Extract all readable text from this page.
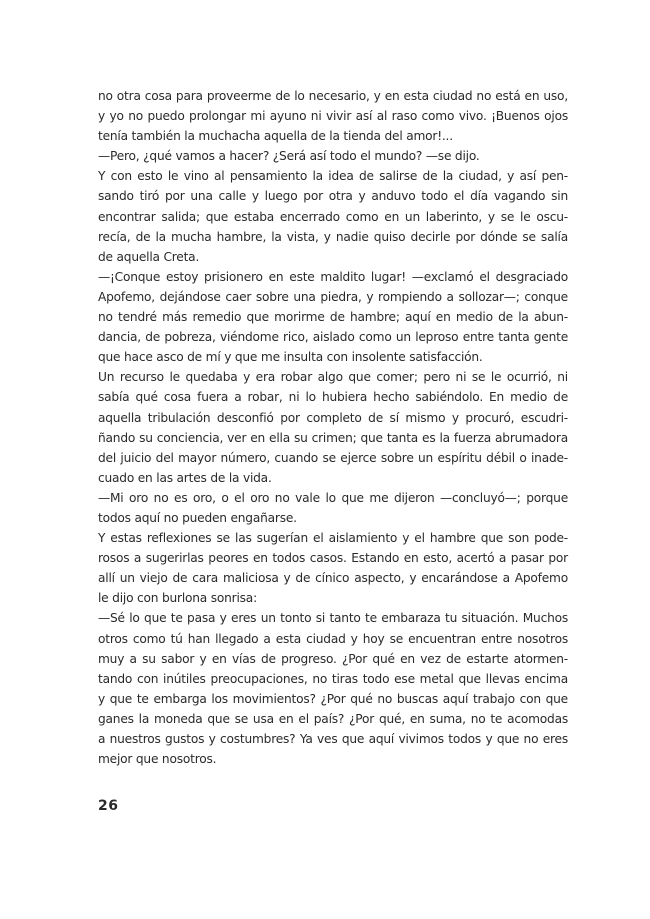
no otra cosa para proveerme de lo necesario, y en esta ciudad no está en uso,
y yo no puedo prolongar mi ayuno ni vivir así al raso como vivo. ¡Buenos ojos
tenía también la muchacha aquella de la tienda del amor!...
—Pero, ¿qué vamos a hacer? ¿Será así todo el mundo? —se dijo.
Y con esto le vino al pensamiento la idea de salirse de la ciudad, y así pen-
sando tiró por una calle y luego por otra y anduvo todo el día vagando sin
encontrar salida; que estaba encerrado como en un laberinto, y se le oscu-
recía, de la mucha hambre, la vista, y nadie quiso decirle por dónde se salía
de aquella Creta.
—¡Conque estoy prisionero en este maldito lugar! —exclamó el desgraciado
Apofemo, dejándose caer sobre una piedra, y rompiendo a sollozar—; conque
no tendré más remedio que morirme de hambre; aquí en medio de la abun-
dancia, de pobreza, viéndome rico, aislado como un leproso entre tanta gente
que hace asco de mí y que me insulta con insolente satisfacción.
Un recurso le quedaba y era robar algo que comer; pero ni se le ocurrió, ni
sabía qué cosa fuera a robar, ni lo hubiera hecho sabiéndolo. En medio de
aquella tribulación desconfió por completo de sí mismo y procuró, escudri-
ñando su conciencia, ver en ella su crimen; que tanta es la fuerza abrumadora
del juicio del mayor número, cuando se ejerce sobre un espíritu débil o inade-
cuado en las artes de la vida.
—Mi oro no es oro, o el oro no vale lo que me dijeron —concluyó—; porque
todos aquí no pueden engañarse.
Y estas reflexiones se las sugerían el aislamiento y el hambre que son pode-
rosos a sugerirlas peores en todos casos. Estando en esto, acertó a pasar por
allí un viejo de cara maliciosa y de cínico aspecto, y encarándose a Apofemo
le dijo con burlona sonrisa:
—Sé lo que te pasa y eres un tonto si tanto te embaraza tu situación. Muchos
otros como tú han llegado a esta ciudad y hoy se encuentran entre nosotros
muy a su sabor y en vías de progreso. ¿Por qué en vez de estarte atormen-
tando con inútiles preocupaciones, no tiras todo ese metal que llevas encima
y que te embarga los movimientos? ¿Por qué no buscas aquí trabajo con que
ganes la moneda que se usa en el país? ¿Por qué, en suma, no te acomodas
a nuestros gustos y costumbres? Ya ves que aquí vivimos todos y que no eres
mejor que nosotros.
26
